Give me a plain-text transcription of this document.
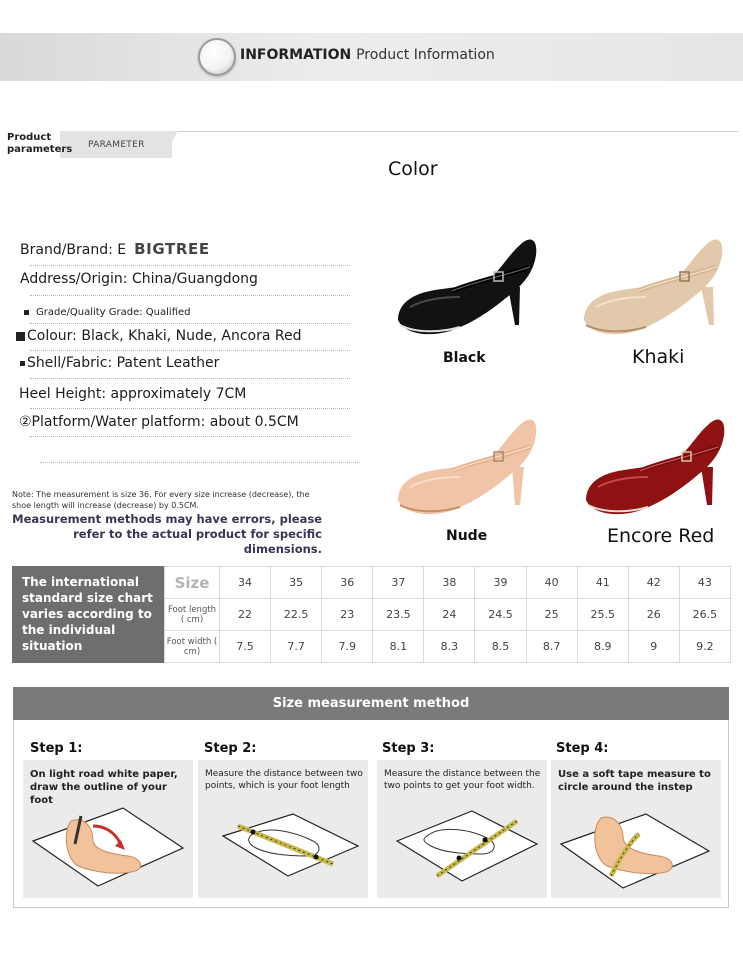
INFORMATION Product Information
Product parameters	PARAMETER
Color
Brand/Brand: E BIGTREE
Address/Origin: China/Guangdong
Grade/Quality Grade: Qualified
Colour: Black, Khaki, Nude, Ancora Red
Shell/Fabric: Patent Leather
Heel Height: approximately 7CM
②Platform/Water platform: about 0.5CM
Note: The measurement is size 36. For every size increase (decrease), the shoe length will increase (decrease) by 0.5CM.
Measurement methods may have errors, please refer to the actual product for specific dimensions.
Black	Khaki
Nude	Encore Red
The international standard size chart varies according to the individual situation
Size	34	35	36	37	38	39	40	41	42	43
Foot length ( cm)	22	22.5	23	23.5	24	24.5	25	25.5	26	26.5
Foot width ( cm)	7.5	7.7	7.9	8.1	8.3	8.5	8.7	8.9	9	9.2
Size measurement method
Step 1:
On light road white paper, draw the outline of your foot
Step 2:
Measure the distance between two points, which is your foot length
Step 3:
Measure the distance between the two points to get your foot width.
Step 4:
Use a soft tape measure to circle around the instep
